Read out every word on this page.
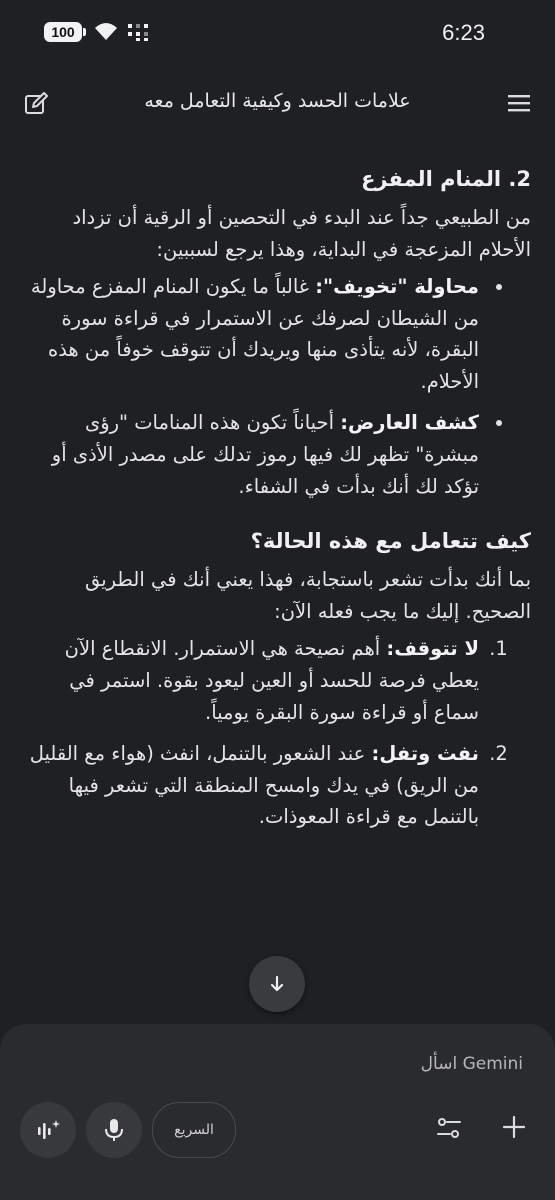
100	6:23
علامات الحسد وكيفية التعامل معه
2. المنام المفزع

من الطبيعي جداً عند البدء في التحصين أو الرقية أن تزداد الأحلام المزعجة في البداية، وهذا يرجع لسببين:

• محاولة "تخويف": غالباً ما يكون المنام المفزع محاولة من الشيطان لصرفك عن الاستمرار في قراءة سورة البقرة، لأنه يتأذى منها ويريدك أن تتوقف خوفاً من هذه الأحلام.
• كشف العارض: أحياناً تكون هذه المنامات "رؤى مبشرة" تظهر لك فيها رموز تدلك على مصدر الأذى أو تؤكد لك أنك بدأت في الشفاء.
كيف تتعامل مع هذه الحالة؟

بما أنك بدأت تشعر باستجابة، فهذا يعني أنك في الطريق الصحيح. إليك ما يجب فعله الآن:

1. لا تتوقف: أهم نصيحة هي الاستمرار. الانقطاع الآن يعطي فرصة للحسد أو العين ليعود بقوة. استمر في سماع أو قراءة سورة البقرة يومياً.
2. نفث وتفل: عند الشعور بالتنمل، انفث (هواء مع القليل من الريق) في يدك وامسح المنطقة التي تشعر فيها بالتنمل مع قراءة المعوذات.
اسأل Gemini
السريع
